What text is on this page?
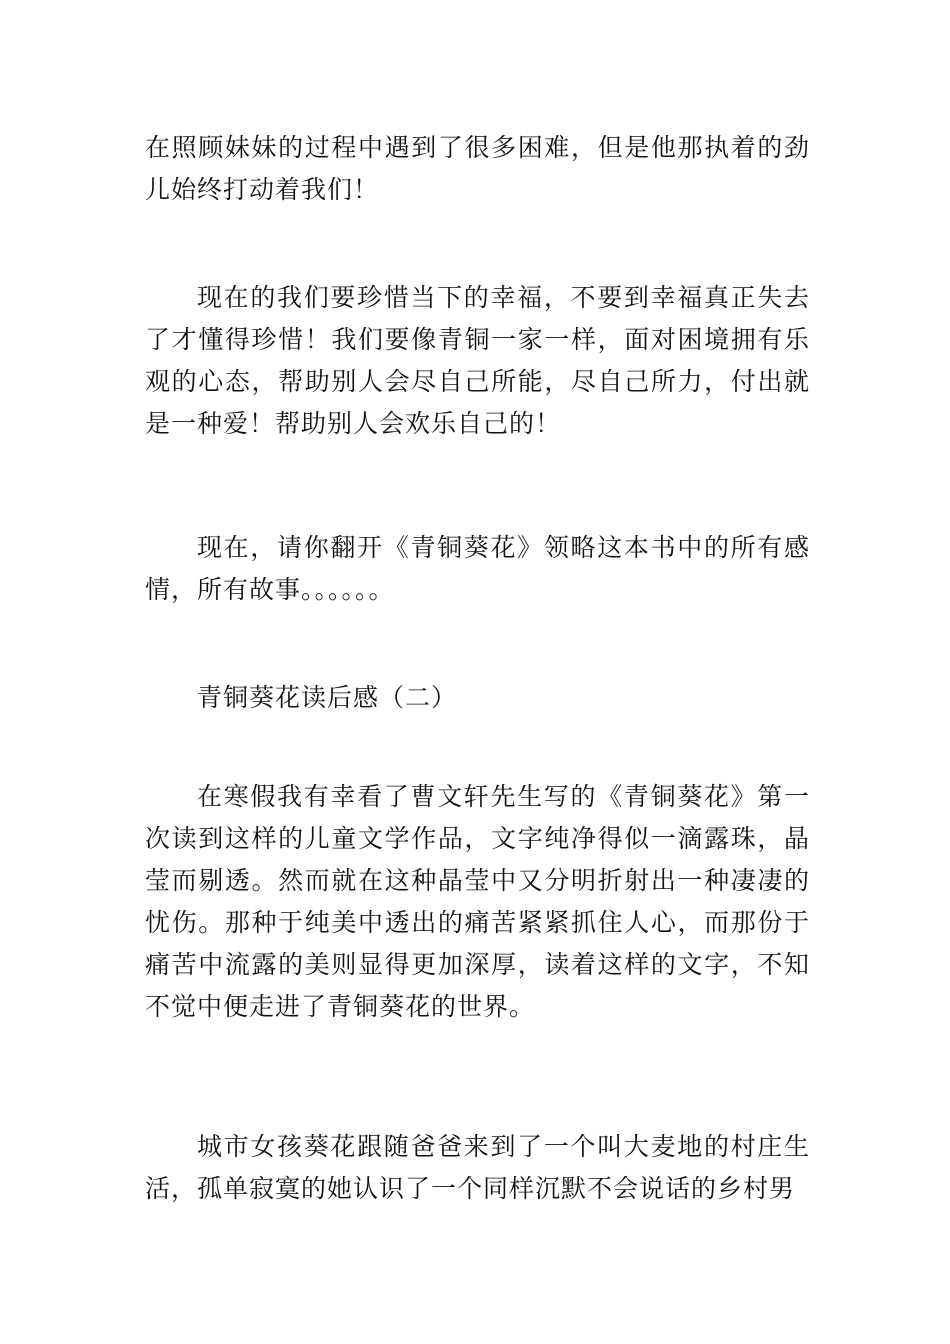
在照顾妹妹的过程中遇到了很多困难，但是他那执着的劲儿始终打动着我们！

现在的我们要珍惜当下的幸福，不要到幸福真正失去了才懂得珍惜！我们要像青铜一家一样，面对困境拥有乐观的心态，帮助别人会尽自己所能，尽自己所力，付出就是一种爱！帮助别人会欢乐自己的！

现在，请你翻开《青铜葵花》领略这本书中的所有感情，所有故事。。。。。。

青铜葵花读后感（二）

在寒假我有幸看了曹文轩先生写的《青铜葵花》第一次读到这样的儿童文学作品，文字纯净得似一滴露珠，晶莹而剔透。然而就在这种晶莹中又分明折射出一种凄凄的忧伤。那种于纯美中透出的痛苦紧紧抓住人心，而那份于痛苦中流露的美则显得更加深厚，读着这样的文字，不知不觉中便走进了青铜葵花的世界。

城市女孩葵花跟随爸爸来到了一个叫大麦地的村庄生活，孤单寂寞的她认识了一个同样沉默不会说话的乡村男
